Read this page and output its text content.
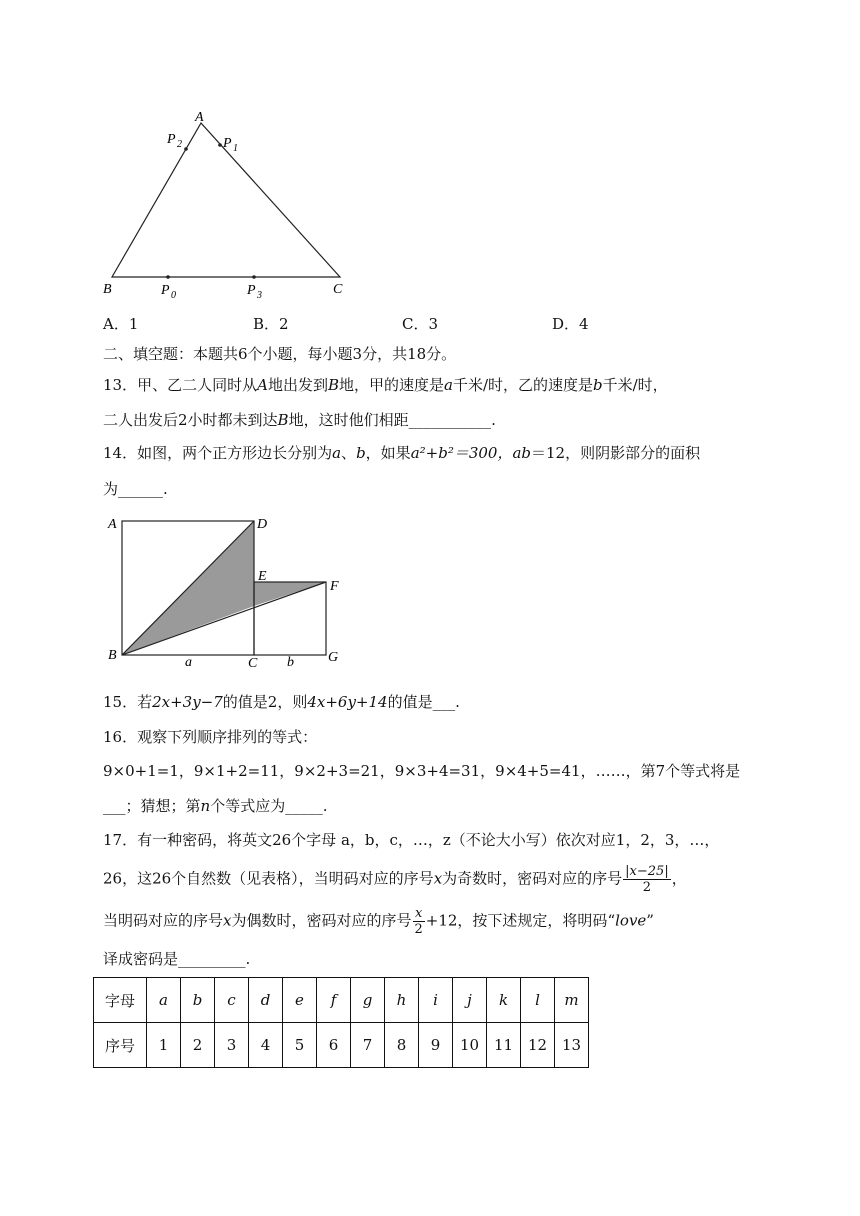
A
B	C
P 2	P 1
P 0	P 3
A．1	B．2	C．3	D．4
二、填空题：本题共6个小题，每小题3分，共18分。
13．甲、乙二人同时从A地出发到B地，甲的速度是a千米/时，乙的速度是b千米/时，
二人出发后2小时都未到达B地，这时他们相距___________.
14．如图，两个正方形边长分别为a、b，如果a²+b²＝300，ab＝12，则阴影部分的面积
为______.
A	D
E
F
B
C	G
a	b
15．若2x+3y−7的值是2，则4x+6y+14的值是___.
16．观察下列顺序排列的等式：
9×0+1=1，9×1+2=11，9×2+3=21，9×3+4=31，9×4+5=41，……，第7个等式将是
___；猜想；第n个等式应为_____.
17．有一种密码，将英文26个字母 a，b，c，…，z（不论大小写）依次对应1，2，3，…，
26，这26个自然数（见表格），当明码对应的序号x为奇数时，密码对应的序号 $\frac{|x-25|}{2}$ ，
当明码对应的序号x为偶数时，密码对应的序号 $\frac{x}{2} +12$，按下述规定，将明码“love”
译成密码是_________.
字母	a	b	c	d	e	f	g	h	i	j	k	l	m
序号	1	2	3	4	5	6	7	8	9	10	11	12	13
